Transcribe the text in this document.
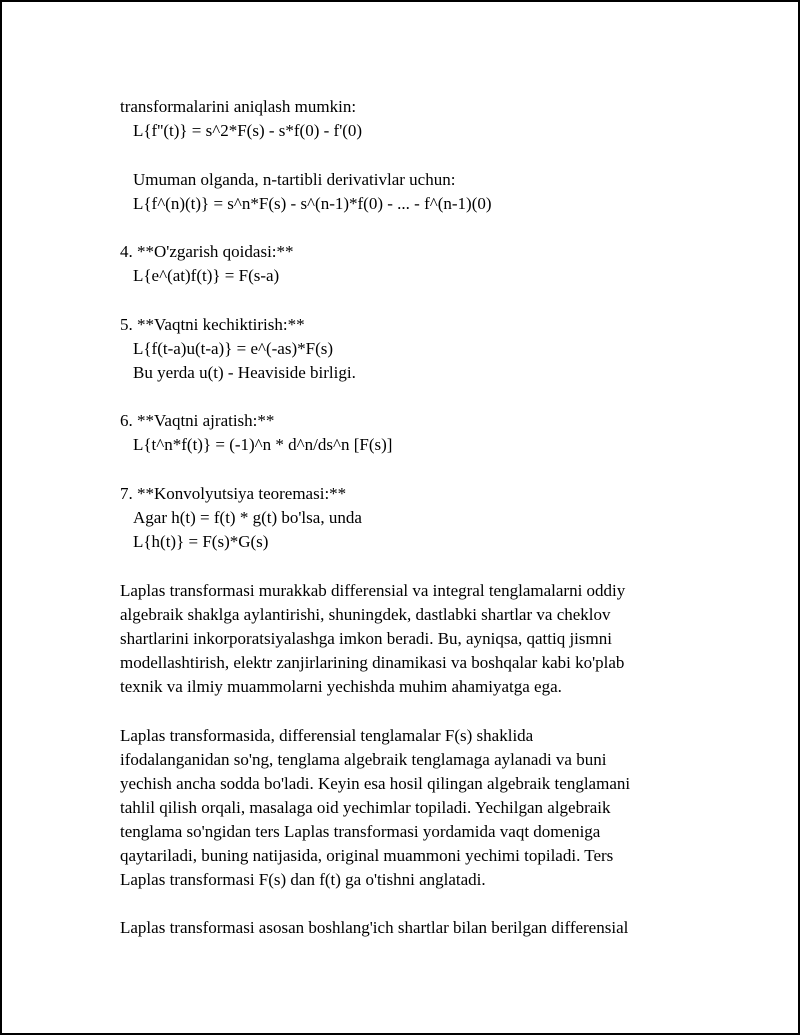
transformalarini aniqlash mumkin:
L{f''(t)} = s^2*F(s) - s*f(0) - f'(0)
Umuman olganda, n-tartibli derivativlar uchun:
L{f^(n)(t)} = s^n*F(s) - s^(n-1)*f(0) - ... - f^(n-1)(0)
4. **O'zgarish qoidasi:**
L{e^(at)f(t)} = F(s-a)
5. **Vaqtni kechiktirish:**
L{f(t-a)u(t-a)} = e^(-as)*F(s)
Bu yerda u(t) - Heaviside birligi.
6. **Vaqtni ajratish:**
L{t^n*f(t)} = (-1)^n * d^n/ds^n [F(s)]
7. **Konvolyutsiya teoremasi:**
Agar h(t) = f(t) * g(t) bo'lsa, unda
L{h(t)} = F(s)*G(s)
Laplas transformasi murakkab differensial va integral tenglamalarni oddiy
algebraik shaklga aylantirishi, shuningdek, dastlabki shartlar va cheklov
shartlarini inkorporatsiyalashga imkon beradi. Bu, ayniqsa, qattiq jismni
modellashtirish, elektr zanjirlarining dinamikasi va boshqalar kabi ko'plab
texnik va ilmiy muammolarni yechishda muhim ahamiyatga ega.
Laplas transformasida, differensial tenglamalar F(s) shaklida
ifodalanganidan so'ng, tenglama algebraik tenglamaga aylanadi va buni
yechish ancha sodda bo'ladi. Keyin esa hosil qilingan algebraik tenglamani
tahlil qilish orqali, masalaga oid yechimlar topiladi. Yechilgan algebraik
tenglama so'ngidan ters Laplas transformasi yordamida vaqt domeniga
qaytariladi, buning natijasida, original muammoni yechimi topiladi. Ters
Laplas transformasi F(s) dan f(t) ga o'tishni anglatadi.
Laplas transformasi asosan boshlang'ich shartlar bilan berilgan differensial
